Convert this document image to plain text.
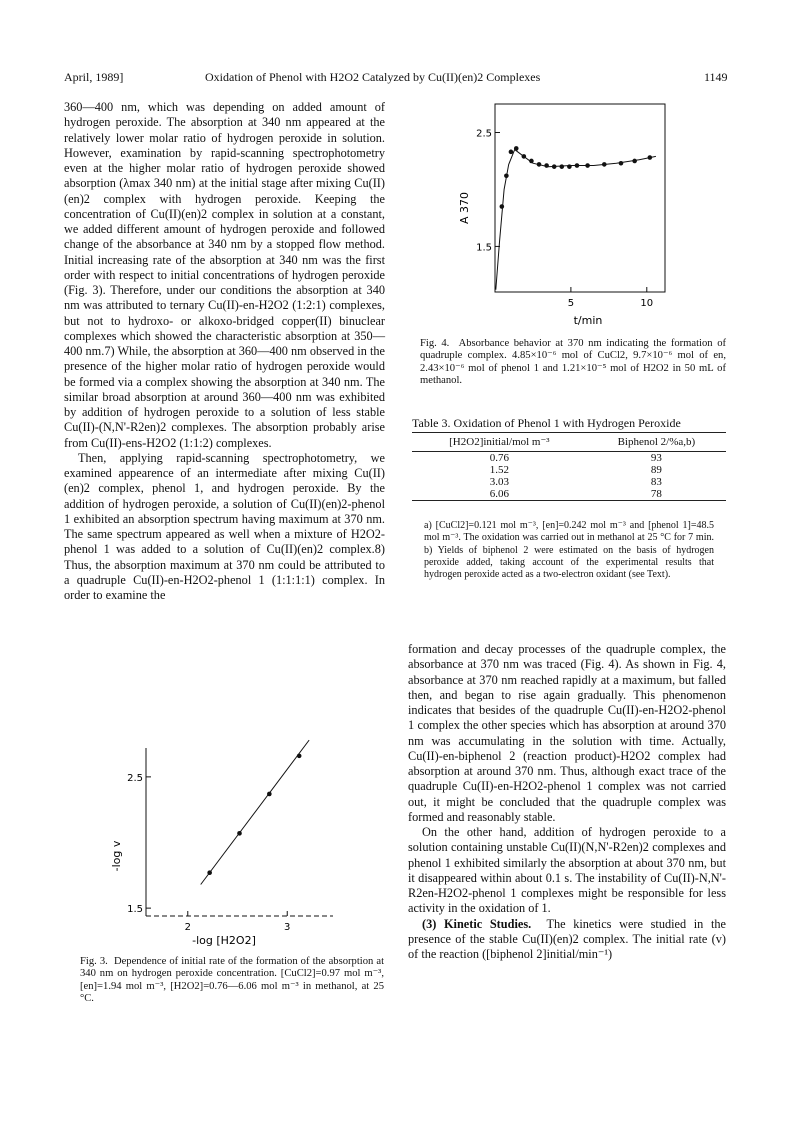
April, 1989]	Oxidation of Phenol with H2O2 Catalyzed by Cu(II)(en)2 Complexes	1149

360—400 nm, which was depending on added amount of hydrogen peroxide. The absorption at 340 nm appeared at the relatively lower molar ratio of hydrogen peroxide in solution. However, examination by rapid-scanning spectrophotometry even at the higher molar ratio of hydrogen peroxide showed absorption (λmax 340 nm) at the initial stage after mixing Cu(II)(en)2 complex with hydrogen peroxide. Keeping the concentration of Cu(II)(en)2 complex in solution at a constant, we added different amount of hydrogen peroxide and followed change of the absorbance at 340 nm by a stopped flow method. Initial increasing rate of the absorption at 340 nm was the first order with respect to initial concentrations of hydrogen peroxide (Fig. 3). Therefore, under our conditions the absorption at 340 nm was attributed to ternary Cu(II)-en-H2O2 (1:2:1) complexes, but not to hydroxo- or alkoxo-bridged copper(II) binuclear complexes which showed the characteristic absorption at 350—400 nm.7) While, the absorption at 360—400 nm observed in the presence of the higher molar ratio of hydrogen peroxide would be formed via a complex showing the absorption at 340 nm. The similar broad absorption at around 360—400 nm was exhibited by addition of hydrogen peroxide to a solution of less stable Cu(II)-(N,N'-R2en)2 complexes. The absorption probably arise from Cu(II)-ens-H2O2 (1:1:2) complexes.

Then, applying rapid-scanning spectrophotometry, we examined appearence of an intermediate after mixing Cu(II)(en)2 complex, phenol 1, and hydrogen peroxide. By the addition of hydrogen peroxide, a solution of Cu(II)(en)2-phenol 1 exhibited an absorption spectrum having maximum at 370 nm. The same spectrum appeared as well when a mixture of H2O2-phenol 1 was added to a solution of Cu(II)(en)2 complex.8) Thus, the absorption maximum at 370 nm could be attributed to a quadruple Cu(II)-en-H2O2-phenol 1 (1:1:1:1) complex. In order to examine the

-log v
-log [H2O2]
1.5
2.5
2	3

Fig. 3. Dependence of initial rate of the formation of the absorption at 340 nm on hydrogen peroxide concentration. [CuCl2]=0.97 mol m⁻³, [en]=1.94 mol m⁻³, [H2O2]=0.76—6.06 mol m⁻³ in methanol, at 25 °C.

A 370
t/min
1.5
2.5
5	10

Fig. 4. Absorbance behavior at 370 nm indicating the formation of quadruple complex. 4.85×10⁻⁶ mol of CuCl2, 9.7×10⁻⁶ mol of en, 2.43×10⁻⁶ mol of phenol 1 and 1.21×10⁻⁵ mol of H2O2 in 50 mL of methanol.

Table 3. Oxidation of Phenol 1 with Hydrogen Peroxide
[H2O2]initial/mol m⁻³	Biphenol 2/%a,b)
0.76	93
1.52	89
3.03	83
6.06	78

a) [CuCl2]=0.121 mol m⁻³, [en]=0.242 mol m⁻³ and [phenol 1]=48.5 mol m⁻³. The oxidation was carried out in methanol at 25 °C for 7 min. b) Yields of biphenol 2 were estimated on the basis of hydrogen peroxide added, taking account of the experimental results that hydrogen peroxide acted as a two-electron oxidant (see Text).

formation and decay processes of the quadruple complex, the absorbance at 370 nm was traced (Fig. 4). As shown in Fig. 4, absorbance at 370 nm reached rapidly at a maximum, but falled then, and began to rise again gradually. This phenomenon indicates that besides of the quadruple Cu(II)-en-H2O2-phenol 1 complex the other species which has absorption at around 370 nm was accumulating in the solution with time. Actually, Cu(II)-en-biphenol 2 (reaction product)-H2O2 complex had absorption at around 370 nm. Thus, although exact trace of the quadruple Cu(II)-en-H2O2-phenol 1 complex was not carried out, it might be concluded that the quadruple complex was formed and reasonably stable.

On the other hand, addition of hydrogen peroxide to a solution containing unstable Cu(II)(N,N'-R2en)2 complexes and phenol 1 exhibited similarly the absorption at about 370 nm, but it disappeared within about 0.1 s. The instability of Cu(II)-N,N'-R2en-H2O2-phenol 1 complexes might be responsible for less activity in the oxidation of 1.

(3) Kinetic Studies. The kinetics were studied in the presence of the stable Cu(II)(en)2 complex. The initial rate (v) of the reaction ([biphenol 2]initial/min⁻¹)
